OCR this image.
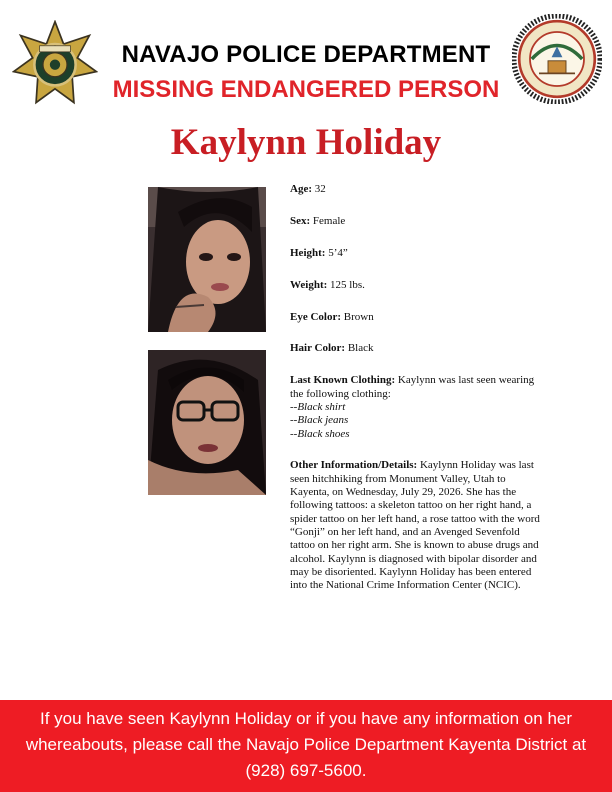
NAVAJO POLICE DEPARTMENT
MISSING ENDANGERED PERSON
Kaylynn Holiday

Age: 32

Sex: Female

Height: 5’4”

Weight: 125 lbs.

Eye Color: Brown

Hair Color: Black

Last Known Clothing: Kaylynn was last seen wearing the following clothing:

--Black shirt

--Black jeans

--Black shoes

Other Information/Details: Kaylynn Holiday was last seen hitchhiking from Monument Valley, Utah to Kayenta, on Wednesday, July 29, 2026. She has the following tattoos: a skeleton tattoo on her right hand, a spider tattoo on her left hand, a rose tattoo with the word “Gonji” on her left hand, and an Avenged Sevenfold tattoo on her right arm. She is known to abuse drugs and alcohol. Kaylynn is diagnosed with bipolar disorder and may be disoriented. Kaylynn Holiday has been entered into the National Crime Information Center (NCIC).

If you have seen Kaylynn Holiday or if you have any information on her whereabouts, please call the Navajo Police Department Kayenta District at (928) 697-5600.
